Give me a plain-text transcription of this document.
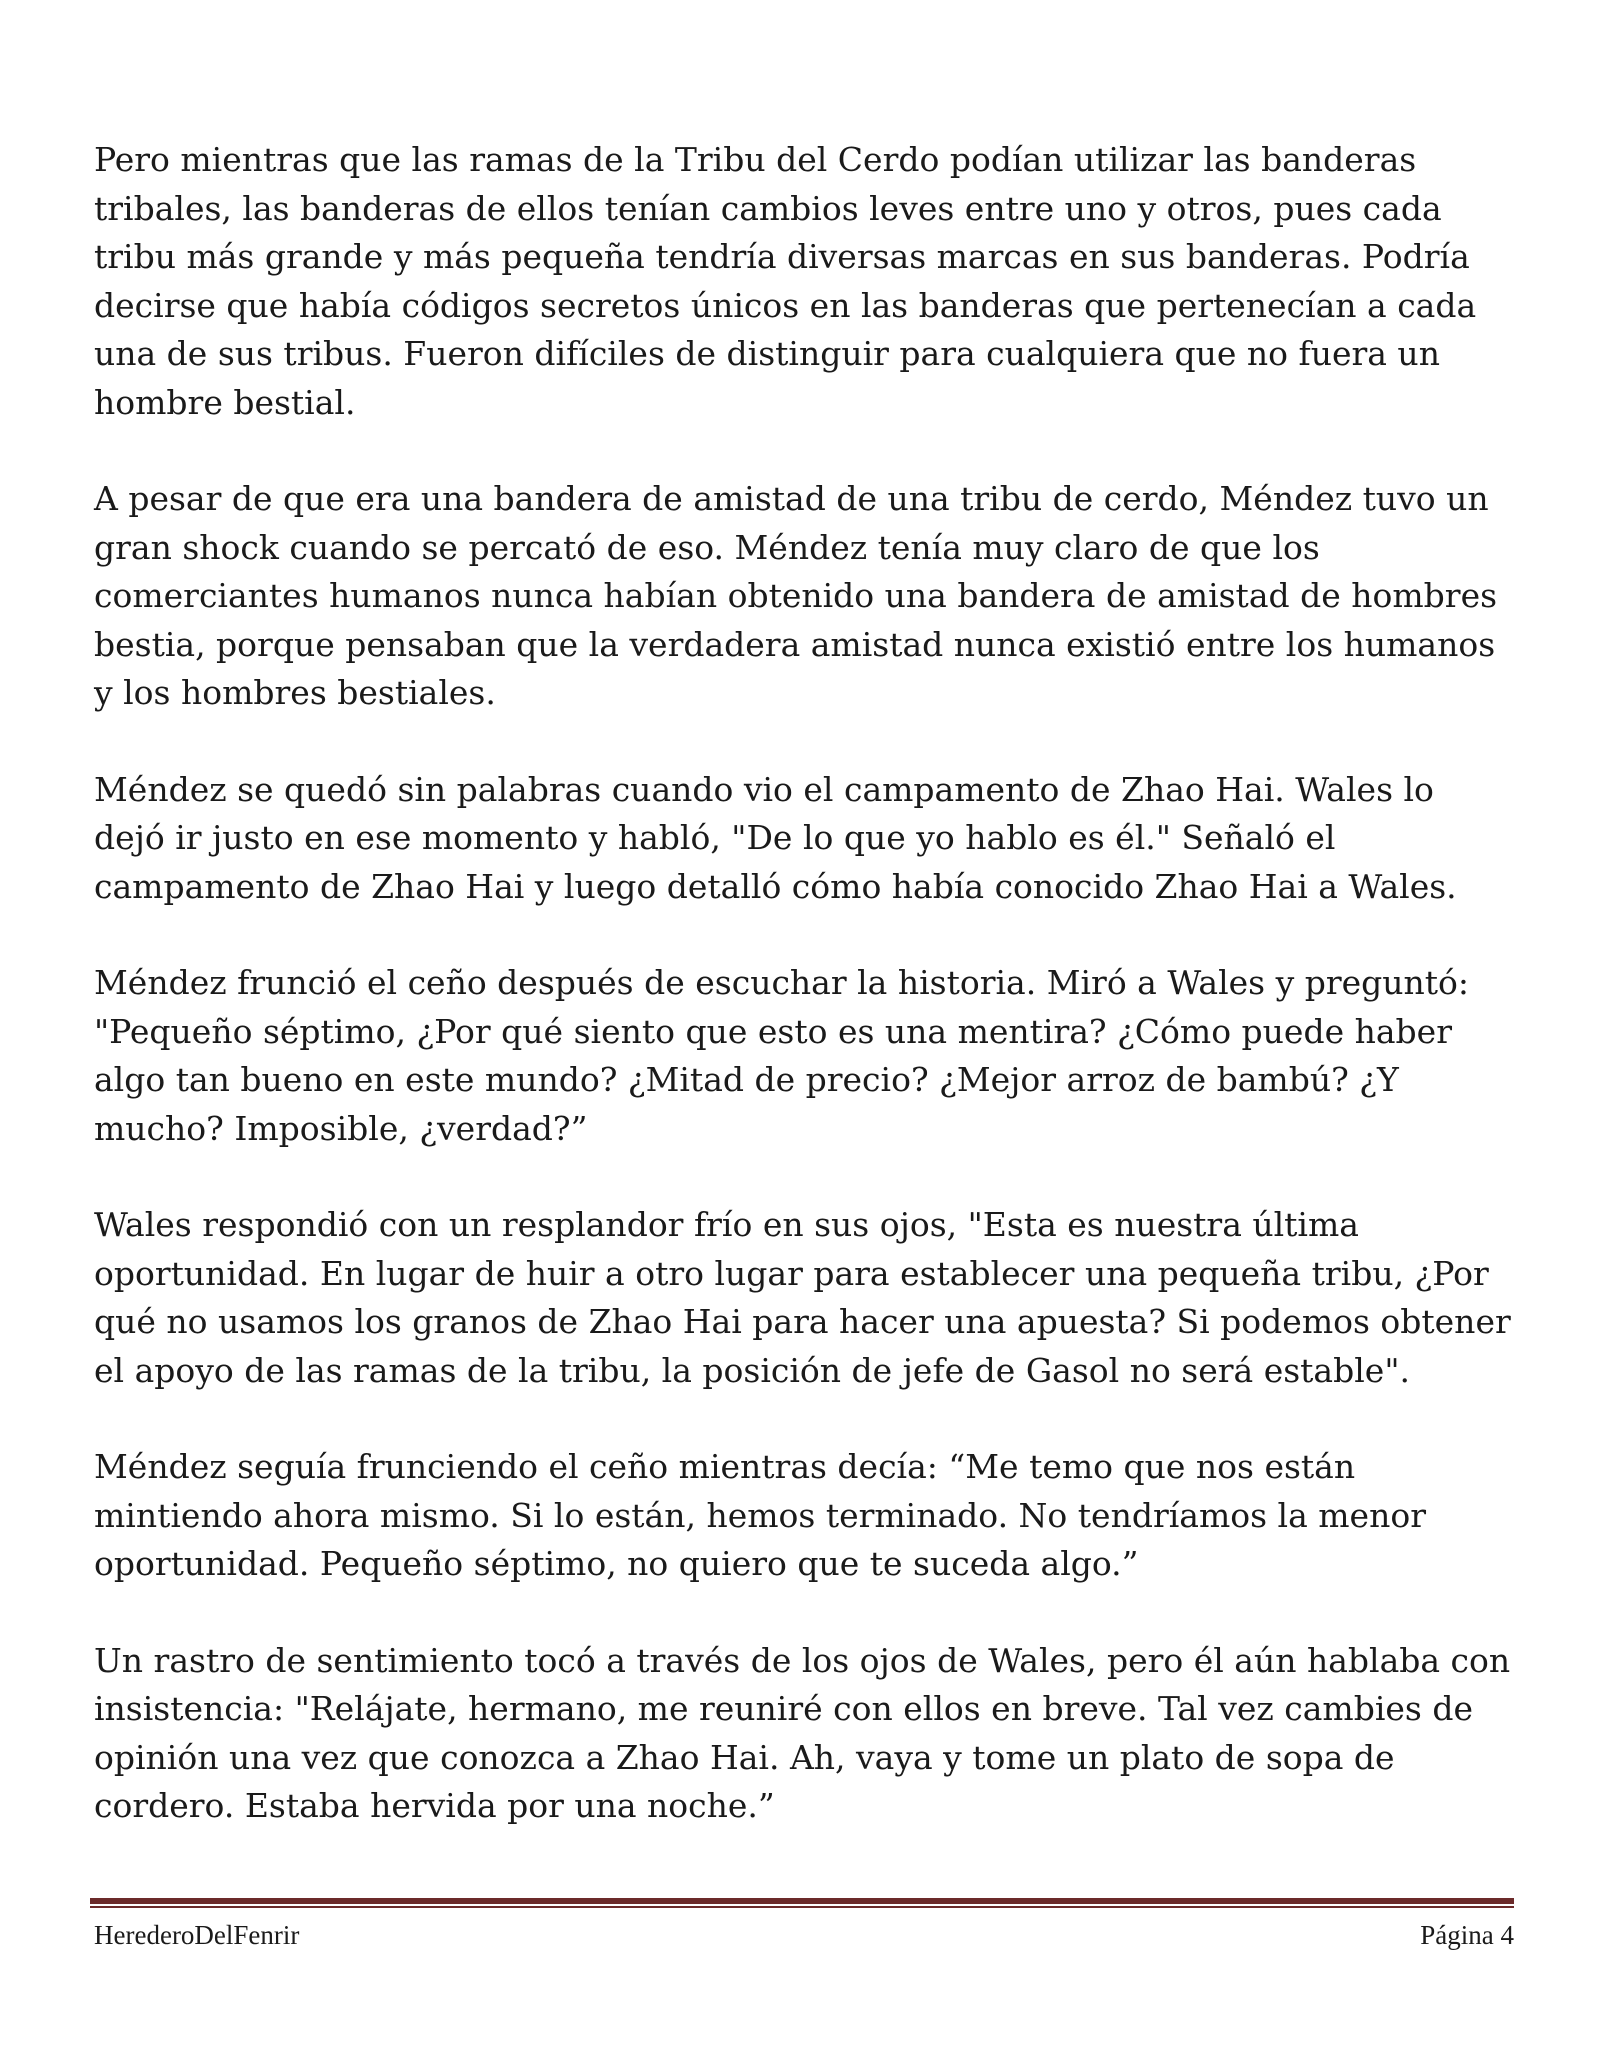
Pero mientras que las ramas de la Tribu del Cerdo podían utilizar las banderas tribales, las banderas de ellos tenían cambios leves entre uno y otros, pues cada tribu más grande y más pequeña tendría diversas marcas en sus banderas. Podría decirse que había códigos secretos únicos en las banderas que pertenecían a cada una de sus tribus. Fueron difíciles de distinguir para cualquiera que no fuera un hombre bestial.

A pesar de que era una bandera de amistad de una tribu de cerdo, Méndez tuvo un gran shock cuando se percató de eso. Méndez tenía muy claro de que los comerciantes humanos nunca habían obtenido una bandera de amistad de hombres bestia, porque pensaban que la verdadera amistad nunca existió entre los humanos y los hombres bestiales.

Méndez se quedó sin palabras cuando vio el campamento de Zhao Hai. Wales lo dejó ir justo en ese momento y habló, "De lo que yo hablo es él." Señaló el campamento de Zhao Hai y luego detalló cómo había conocido Zhao Hai a Wales.

Méndez frunció el ceño después de escuchar la historia. Miró a Wales y preguntó: "Pequeño séptimo, ¿Por qué siento que esto es una mentira? ¿Cómo puede haber algo tan bueno en este mundo? ¿Mitad de precio? ¿Mejor arroz de bambú? ¿Y mucho? Imposible, ¿verdad?”

Wales respondió con un resplandor frío en sus ojos, "Esta es nuestra última oportunidad. En lugar de huir a otro lugar para establecer una pequeña tribu, ¿Por qué no usamos los granos de Zhao Hai para hacer una apuesta? Si podemos obtener el apoyo de las ramas de la tribu, la posición de jefe de Gasol no será estable".

Méndez seguía frunciendo el ceño mientras decía: “Me temo que nos están mintiendo ahora mismo. Si lo están, hemos terminado. No tendríamos la menor oportunidad. Pequeño séptimo, no quiero que te suceda algo.”

Un rastro de sentimiento tocó a través de los ojos de Wales, pero él aún hablaba con insistencia: "Relájate, hermano, me reuniré con ellos en breve. Tal vez cambies de opinión una vez que conozca a Zhao Hai. Ah, vaya y tome un plato de sopa de cordero. Estaba hervida por una noche.”

HerederoDelFenrir	Página 4
